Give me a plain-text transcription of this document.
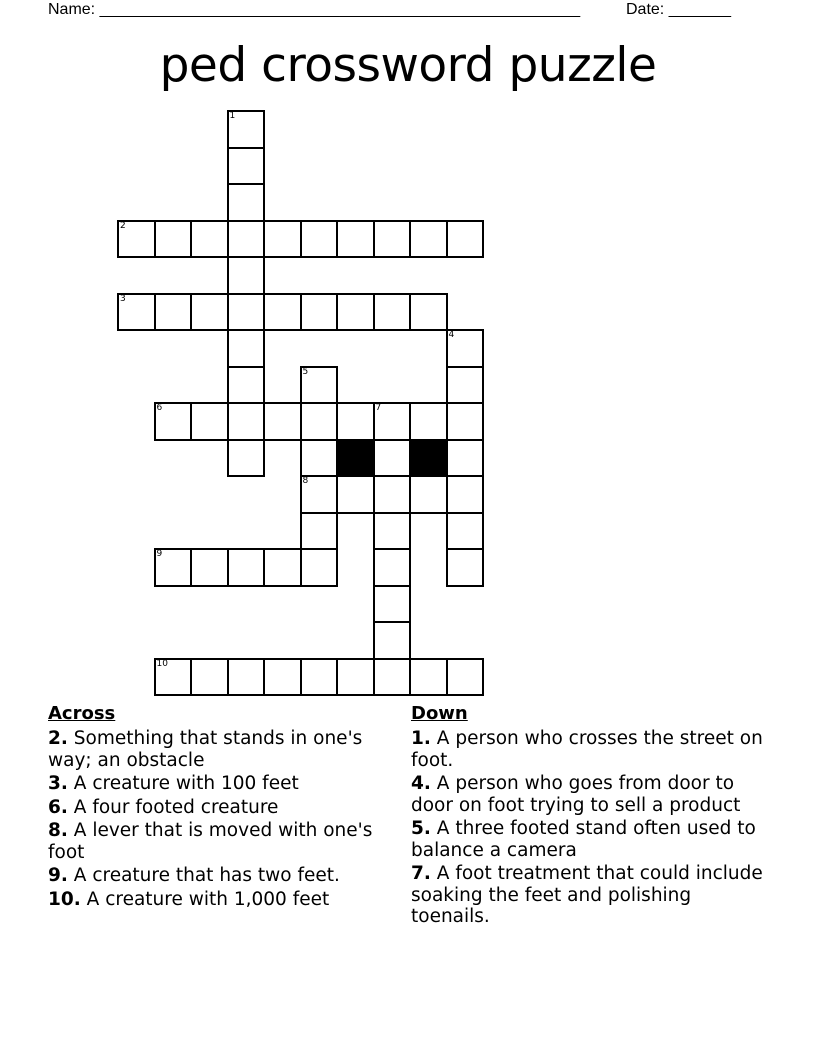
Name: ______________________________________________________	Date: _______
ped crossword puzzle
1
2
3
4
5
6	7
8
9
10
Across
2. Something that stands in one's way; an obstacle
3. A creature with 100 feet
6. A four footed creature
8. A lever that is moved with one's foot
9. A creature that has two feet.
10. A creature with 1,000 feet
Down
1. A person who crosses the street on foot.
4. A person who goes from door to door on foot trying to sell a product
5. A three footed stand often used to balance a camera
7. A foot treatment that could include soaking the feet and polishing toenails.
